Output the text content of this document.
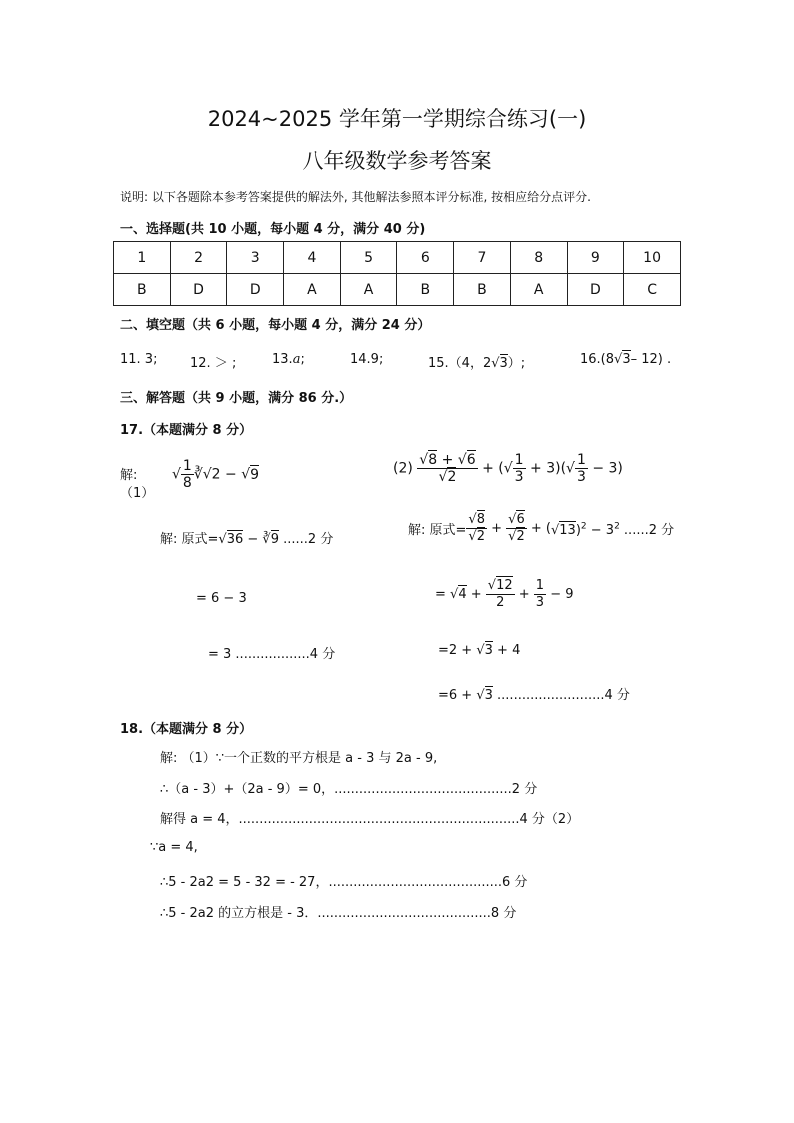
2024~2025 学年第一学期综合练习(一)
八年级数学参考答案
说明: 以下各题除本参考答案提供的解法外, 其他解法参照本评分标准, 按相应给分点评分.
一、选择题(共 10 小题，每小题 4 分，满分 40 分)
1	2	3	4	5	6	7	8	9	10
B	D	D	A	A	B	B	A	D	C
二、填空题（共 6 小题，每小题 4 分，满分 24 分）
11. 3;	12. ＞ ;	13.a;	14.9;	15.（4，2√3）;	16.(8√3– 12) .
三、解答题（共 9 小题，满分 86 分.）
17.（本题满分 8 分）
解:
（1）
√ $\frac{1}{8}$ ∛√2 − √9
解: 原式=√36 − ∛9 ......2 分
= 6 − 3
= 3 ..................4 分
$(2) \frac{√8 + √6}{√2}$ + (√ $\frac{1}{3} + 3)(√ \frac{1}{3} - 3)$
解: 原式= $\frac{√8}{√2} + \frac{√6}{√2} + (√13)^2 - 3^2$ ......2 分
= $√4 + \frac{√12}{2} + \frac{1}{3} - 9$
=2 + √3 + 4
=6 + √3 ..........................4 分
18.（本题满分 8 分）
解: （1）∵一个正数的平方根是 a - 3 与 2a - 9,
∴（a - 3）+（2a - 9）= 0，...........................................2 分
解得 a = 4，....................................................................4 分（2）
∵a = 4,
∴5 - 2a2 = 5 - 32 = - 27，..........................................6 分
∴5 - 2a2 的立方根是 - 3．..........................................8 分
